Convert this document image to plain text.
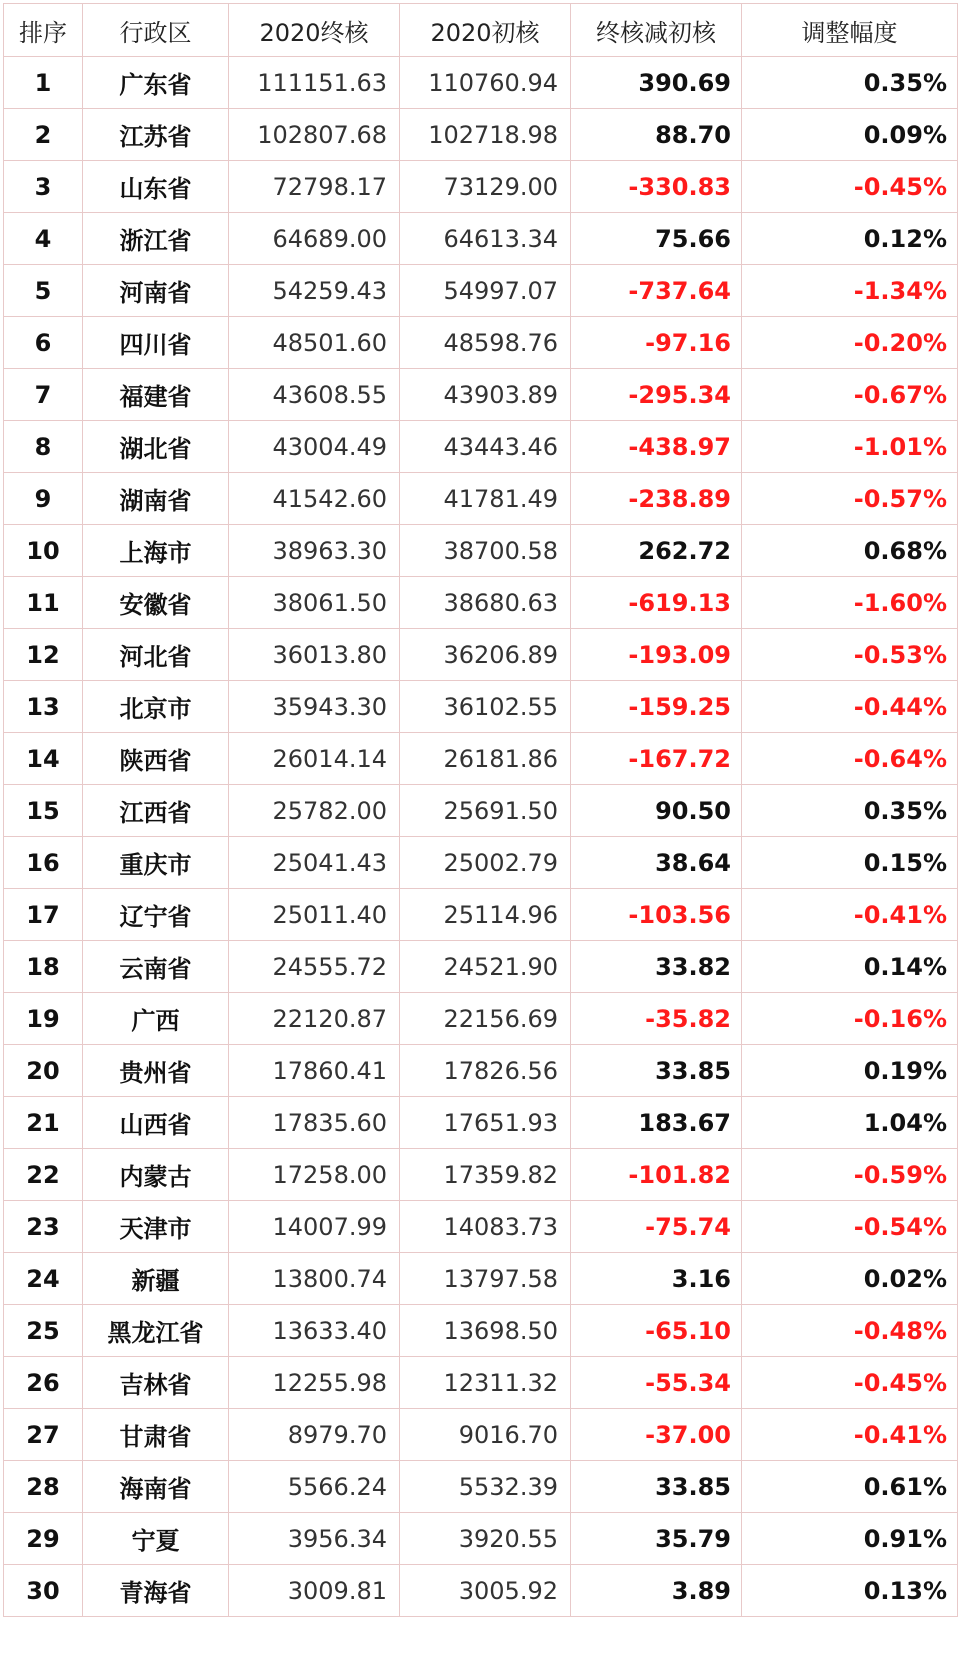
排序	行政区	2020终核	2020初核	终核减初核	调整幅度
1	广东省	111151.63	110760.94	390.69	0.35%
2	江苏省	102807.68	102718.98	88.70	0.09%
3	山东省	72798.17	73129.00	-330.83	-0.45%
4	浙江省	64689.00	64613.34	75.66	0.12%
5	河南省	54259.43	54997.07	-737.64	-1.34%
6	四川省	48501.60	48598.76	-97.16	-0.20%
7	福建省	43608.55	43903.89	-295.34	-0.67%
8	湖北省	43004.49	43443.46	-438.97	-1.01%
9	湖南省	41542.60	41781.49	-238.89	-0.57%
10	上海市	38963.30	38700.58	262.72	0.68%
11	安徽省	38061.50	38680.63	-619.13	-1.60%
12	河北省	36013.80	36206.89	-193.09	-0.53%
13	北京市	35943.30	36102.55	-159.25	-0.44%
14	陕西省	26014.14	26181.86	-167.72	-0.64%
15	江西省	25782.00	25691.50	90.50	0.35%
16	重庆市	25041.43	25002.79	38.64	0.15%
17	辽宁省	25011.40	25114.96	-103.56	-0.41%
18	云南省	24555.72	24521.90	33.82	0.14%
19	广西	22120.87	22156.69	-35.82	-0.16%
20	贵州省	17860.41	17826.56	33.85	0.19%
21	山西省	17835.60	17651.93	183.67	1.04%
22	内蒙古	17258.00	17359.82	-101.82	-0.59%
23	天津市	14007.99	14083.73	-75.74	-0.54%
24	新疆	13800.74	13797.58	3.16	0.02%
25	黑龙江省	13633.40	13698.50	-65.10	-0.48%
26	吉林省	12255.98	12311.32	-55.34	-0.45%
27	甘肃省	8979.70	9016.70	-37.00	-0.41%
28	海南省	5566.24	5532.39	33.85	0.61%
29	宁夏	3956.34	3920.55	35.79	0.91%
30	青海省	3009.81	3005.92	3.89	0.13%
